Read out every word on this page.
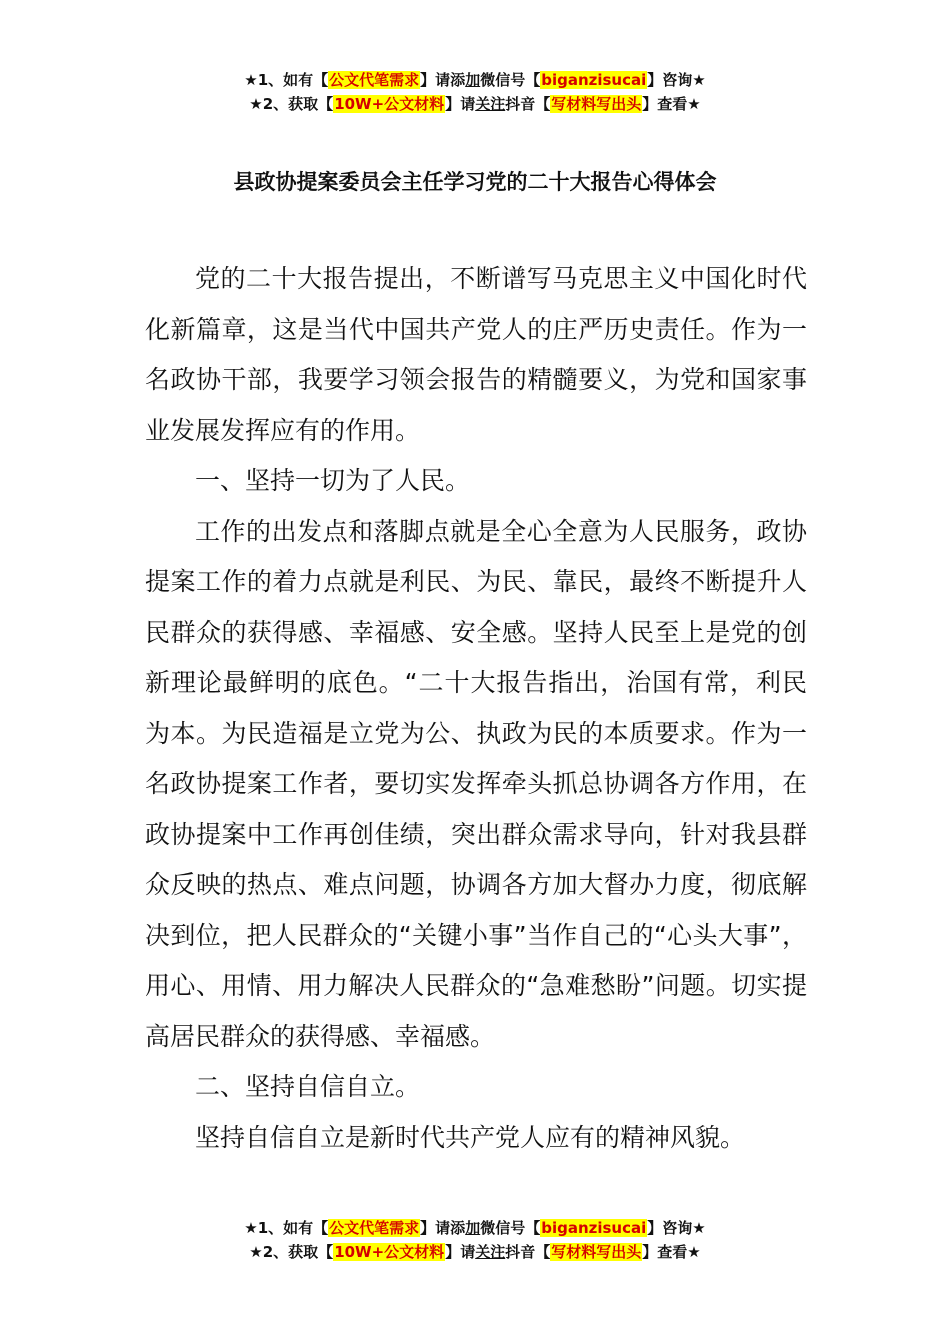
★1、如有【公文代笔需求】请添加微信号【biganzisucai】咨询★
★2、获取【10W+公文材料】请关注抖音【写材料写出头】查看★
县政协提案委员会主任学习党的二十大报告心得体会

党的二十大报告提出，不断谱写马克思主义中国化时代化新篇章，这是当代中国共产党人的庄严历史责任。作为一名政协干部，我要学习领会报告的精髓要义，为党和国家事业发展发挥应有的作用。

一、坚持一切为了人民。

工作的出发点和落脚点就是全心全意为人民服务，政协提案工作的着力点就是利民、为民、靠民，最终不断提升人民群众的获得感、幸福感、安全感。坚持人民至上是党的创新理论最鲜明的底色。“二十大报告指出，治国有常，利民为本。为民造福是立党为公、执政为民的本质要求。作为一名政协提案工作者，要切实发挥牵头抓总协调各方作用，在政协提案中工作再创佳绩，突出群众需求导向，针对我县群众反映的热点、难点问题，协调各方加大督办力度，彻底解决到位，把人民群众的“关键小事”当作自己的“心头大事”，用心、用情、用力解决人民群众的“急难愁盼”问题。切实提高居民群众的获得感、幸福感。

二、坚持自信自立。

坚持自信自立是新时代共产党人应有的精神风貌。

★1、如有【公文代笔需求】请添加微信号【biganzisucai】咨询★
★2、获取【10W+公文材料】请关注抖音【写材料写出头】查看★
